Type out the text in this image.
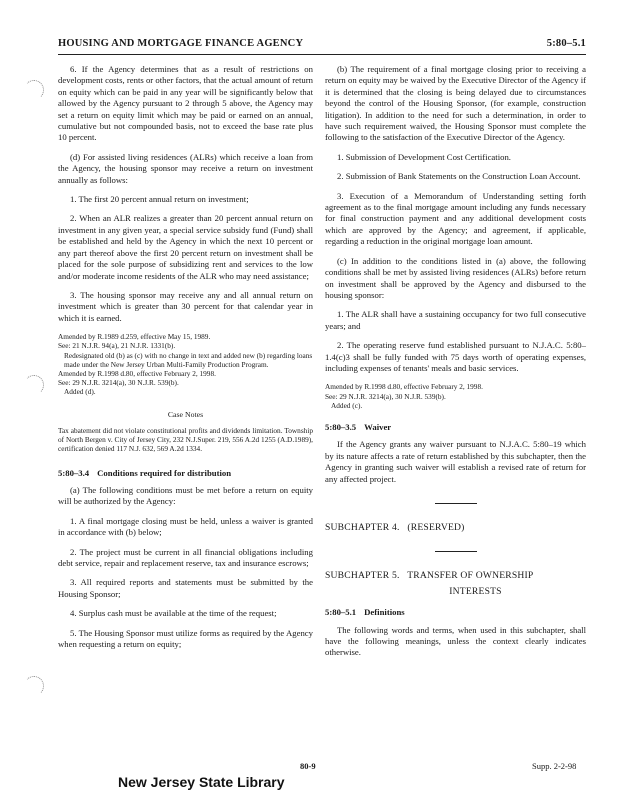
HOUSING AND MORTGAGE FINANCE AGENCY	5:80–5.1

6. If the Agency determines that as a result of restrictions on development costs, rents or other factors, that the actual amount of return on equity which can be paid in any year will be significantly below that allowed by the Agency pursuant to 2 through 5 above, the Agency may set a return on equity limit which may be paid or earned on an annual, cumulative but not compounded basis, not to exceed the base rate plus 10 percent.

(d) For assisted living residences (ALRs) which receive a loan from the Agency, the housing sponsor may receive a return on investment annually as follows:

1. The first 20 percent annual return on investment;

2. When an ALR realizes a greater than 20 percent annual return on investment in any given year, a special service subsidy fund (Fund) shall be established and held by the Agency in which the next 10 percent or any part thereof above the first 20 percent return on investment shall be placed for the sole purpose of subsidizing rent and services to the low and/or moderate income residents of the ALR who may need assistance;

3. The housing sponsor may receive any and all annual return on investment which is greater than 30 percent for that calendar year in which it is earned.

Amended by R.1989 d.259, effective May 15, 1989.
See: 21 N.J.R. 94(a), 21 N.J.R. 1331(b).
Redesignated old (b) as (c) with no change in text and added new (b) regarding loans made under the New Jersey Urban Multi-Family Production Program.
Amended by R.1998 d.80, effective February 2, 1998.
See: 29 N.J.R. 3214(a), 30 N.J.R. 539(b).
Added (d).
Case Notes
Tax abatement did not violate constitutional profits and dividends limitation. Township of North Bergen v. City of Jersey City, 232 N.J.Super. 219, 556 A.2d 1255 (A.D.1989), certification denied 117 N.J. 632, 569 A.2d 1334.
5:80–3.4 Conditions required for distribution

(a) The following conditions must be met before a return on equity will be authorized by the Agency:

1. A final mortgage closing must be held, unless a waiver is granted in accordance with (b) below;

2. The project must be current in all financial obligations including debt service, repair and replacement reserve, tax and insurance escrows;

3. All required reports and statements must be submitted by the Housing Sponsor;

4. Surplus cash must be available at the time of the request;

5. The Housing Sponsor must utilize forms as required by the Agency when requesting a return on equity;

(b) The requirement of a final mortgage closing prior to receiving a return on equity may be waived by the Executive Director of the Agency if it is determined that the closing is being delayed due to circumstances beyond the control of the Housing Sponsor, (for example, construction litigation). In addition to the need for such a determination, in order to have such requirement waived, the Housing Sponsor must complete the following to the satisfaction of the Executive Director of the Agency.

1. Submission of Development Cost Certification.

2. Submission of Bank Statements on the Construction Loan Account.

3. Execution of a Memorandum of Understanding setting forth agreement as to the final mortgage amount including any funds necessary for final construction payment and any additional development costs which are approved by the Agency; and agreement, if applicable, regarding a reduction in the original mortgage loan amount.

(c) In addition to the conditions listed in (a) above, the following conditions shall be met by assisted living residences (ALRs) before return on investment shall be approved by the Agency and disbursed to the housing sponsor:

1. The ALR shall have a sustaining occupancy for two full consecutive years; and

2. The operating reserve fund established pursuant to N.J.A.C. 5:80–1.4(c)3 shall be fully funded with 75 days worth of operating expenses, including expenses of tenants' meals and basic services.

Amended by R.1998 d.80, effective February 2, 1998.
See: 29 N.J.R. 3214(a), 30 N.J.R. 539(b).
Added (c).
5:80–3.5 Waiver

If the Agency grants any waiver pursuant to N.J.A.C. 5:80–19 which by its nature affects a rate of return established by this subchapter, then the Agency in granting such waiver will establish a revised rate of return for any affected project.

SUBCHAPTER 4.   (RESERVED)
SUBCHAPTER 5.   TRANSFER OF OWNERSHIP
INTERESTS
5:80–5.1 Definitions

The following words and terms, when used in this subchapter, shall have the following meanings, unless the context clearly indicates otherwise.

80-9	Supp. 2-2-98
New Jersey State Library
